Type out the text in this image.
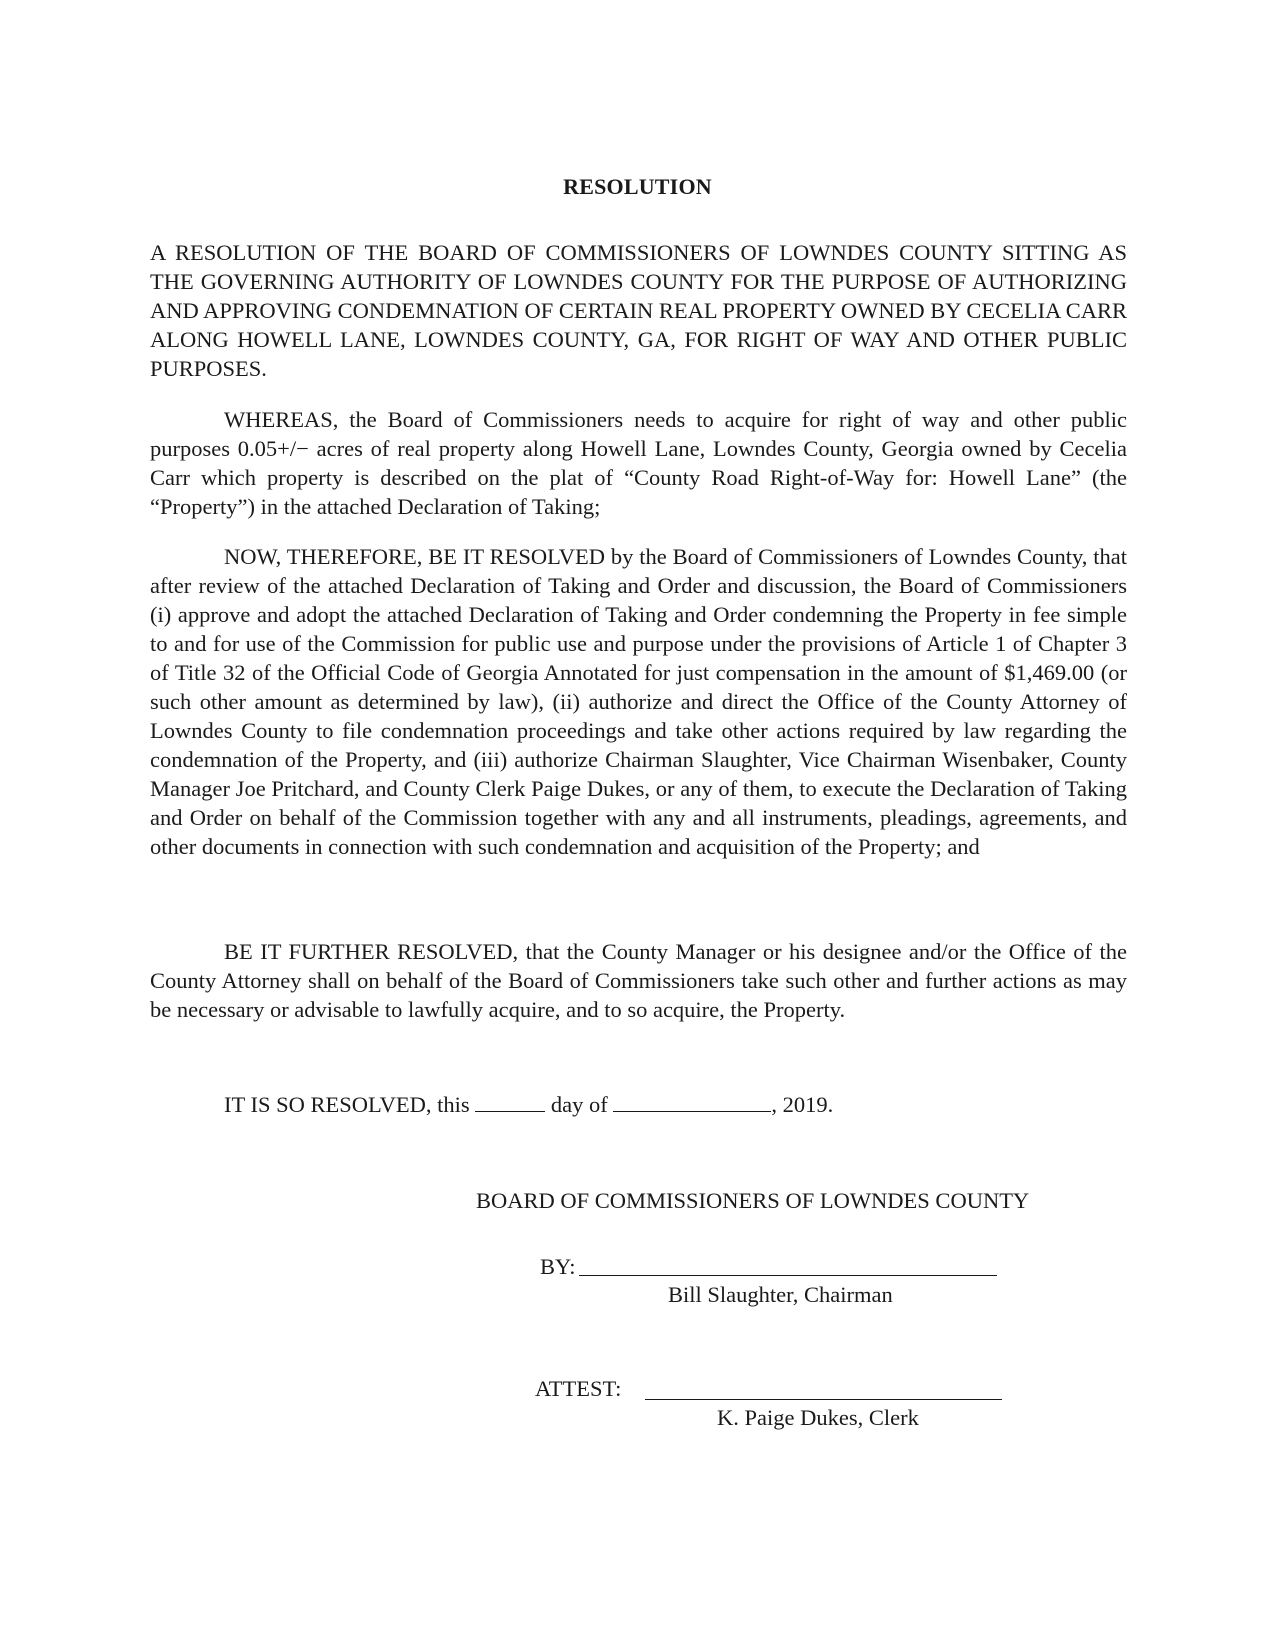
RESOLUTION

A RESOLUTION OF THE BOARD OF COMMISSIONERS OF LOWNDES COUNTY SITTING AS THE GOVERNING AUTHORITY OF LOWNDES COUNTY FOR THE PURPOSE OF AUTHORIZING AND APPROVING CONDEMNATION OF CERTAIN REAL PROPERTY OWNED BY CECELIA CARR ALONG HOWELL LANE, LOWNDES COUNTY, GA, FOR RIGHT OF WAY AND OTHER PUBLIC PURPOSES.

WHEREAS, the Board of Commissioners needs to acquire for right of way and other public purposes 0.05+/− acres of real property along Howell Lane, Lowndes County, Georgia owned by Cecelia Carr which property is described on the plat of “County Road Right-of-Way for: Howell Lane” (the “Property”) in the attached Declaration of Taking;

NOW, THEREFORE, BE IT RESOLVED by the Board of Commissioners of Lowndes County, that after review of the attached Declaration of Taking and Order and discussion, the Board of Commissioners (i) approve and adopt the attached Declaration of Taking and Order condemning the Property in fee simple to and for use of the Commission for public use and purpose under the provisions of Article 1 of Chapter 3 of Title 32 of the Official Code of Georgia Annotated for just compensation in the amount of $1,469.00 (or such other amount as determined by law), (ii) authorize and direct the Office of the County Attorney of Lowndes County to file condemnation proceedings and take other actions required by law regarding the condemnation of the Property, and (iii) authorize Chairman Slaughter, Vice Chairman Wisenbaker, County Manager Joe Pritchard, and County Clerk Paige Dukes, or any of them, to execute the Declaration of Taking and Order on behalf of the Commission together with any and all instruments, pleadings, agreements, and other documents in connection with such condemnation and acquisition of the Property; and

BE IT FURTHER RESOLVED, that the County Manager or his designee and/or the Office of the County Attorney shall on behalf of the Board of Commissioners take such other and further actions as may be necessary or advisable to lawfully acquire, and to so acquire, the Property.

IT IS SO RESOLVED, this	day of	, 2019.
BOARD OF COMMISSIONERS OF LOWNDES COUNTY
BY:
Bill Slaughter, Chairman
ATTEST:
K. Paige Dukes, Clerk
